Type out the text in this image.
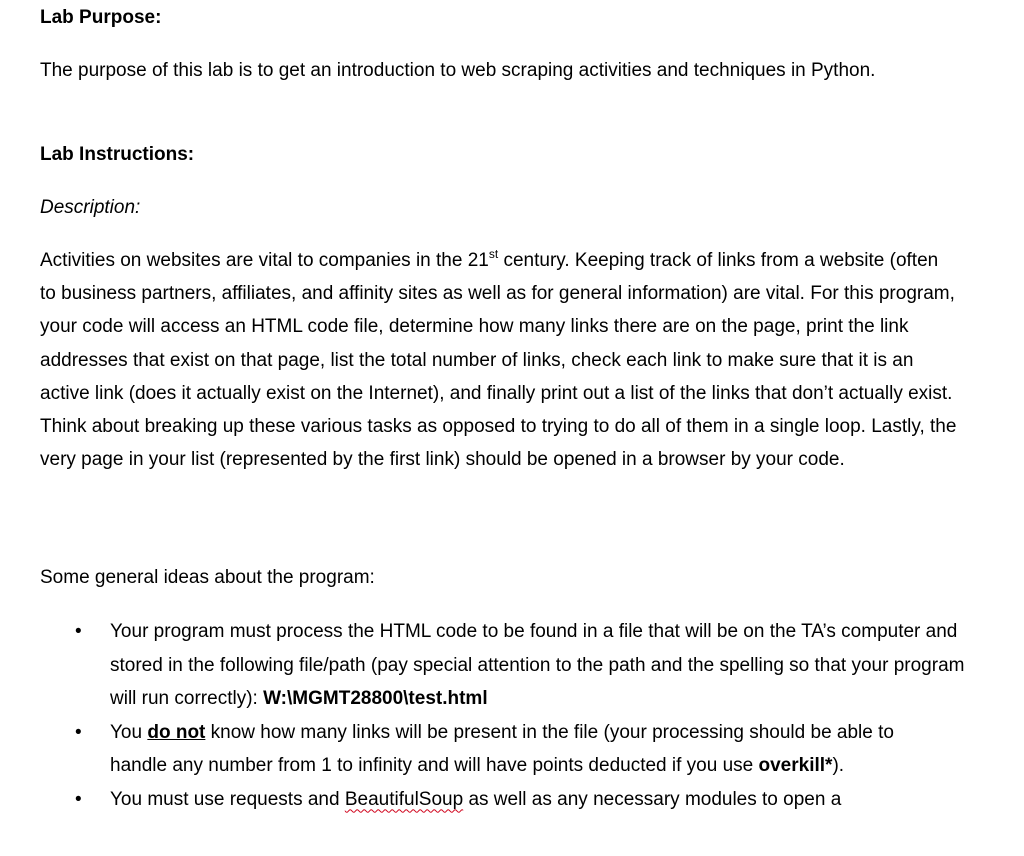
Lab Purpose:
The purpose of this lab is to get an introduction to web scraping activities and techniques in Python.
Lab Instructions:
Description:
Activities on websites are vital to companies in the 21st century. Keeping track of links from a website (often to business partners, affiliates, and affinity sites as well as for general information) are vital. For this program, your code will access an HTML code file, determine how many links there are on the page, print the link addresses that exist on that page, list the total number of links, check each link to make sure that it is an active link (does it actually exist on the Internet), and finally print out a list of the links that don’t actually exist. Think about breaking up these various tasks as opposed to trying to do all of them in a single loop. Lastly, the very page in your list (represented by the first link) should be opened in a browser by your code.
Some general ideas about the program:
• Your program must process the HTML code to be found in a file that will be on the TA’s computer and stored in the following file/path (pay special attention to the path and the spelling so that your program will run correctly): W:\MGMT28800\test.html
• You do not know how many links will be present in the file (your processing should be able to handle any number from 1 to infinity and will have points deducted if you use overkill*).
• You must use requests and BeautifulSoup as well as any necessary modules to open a
